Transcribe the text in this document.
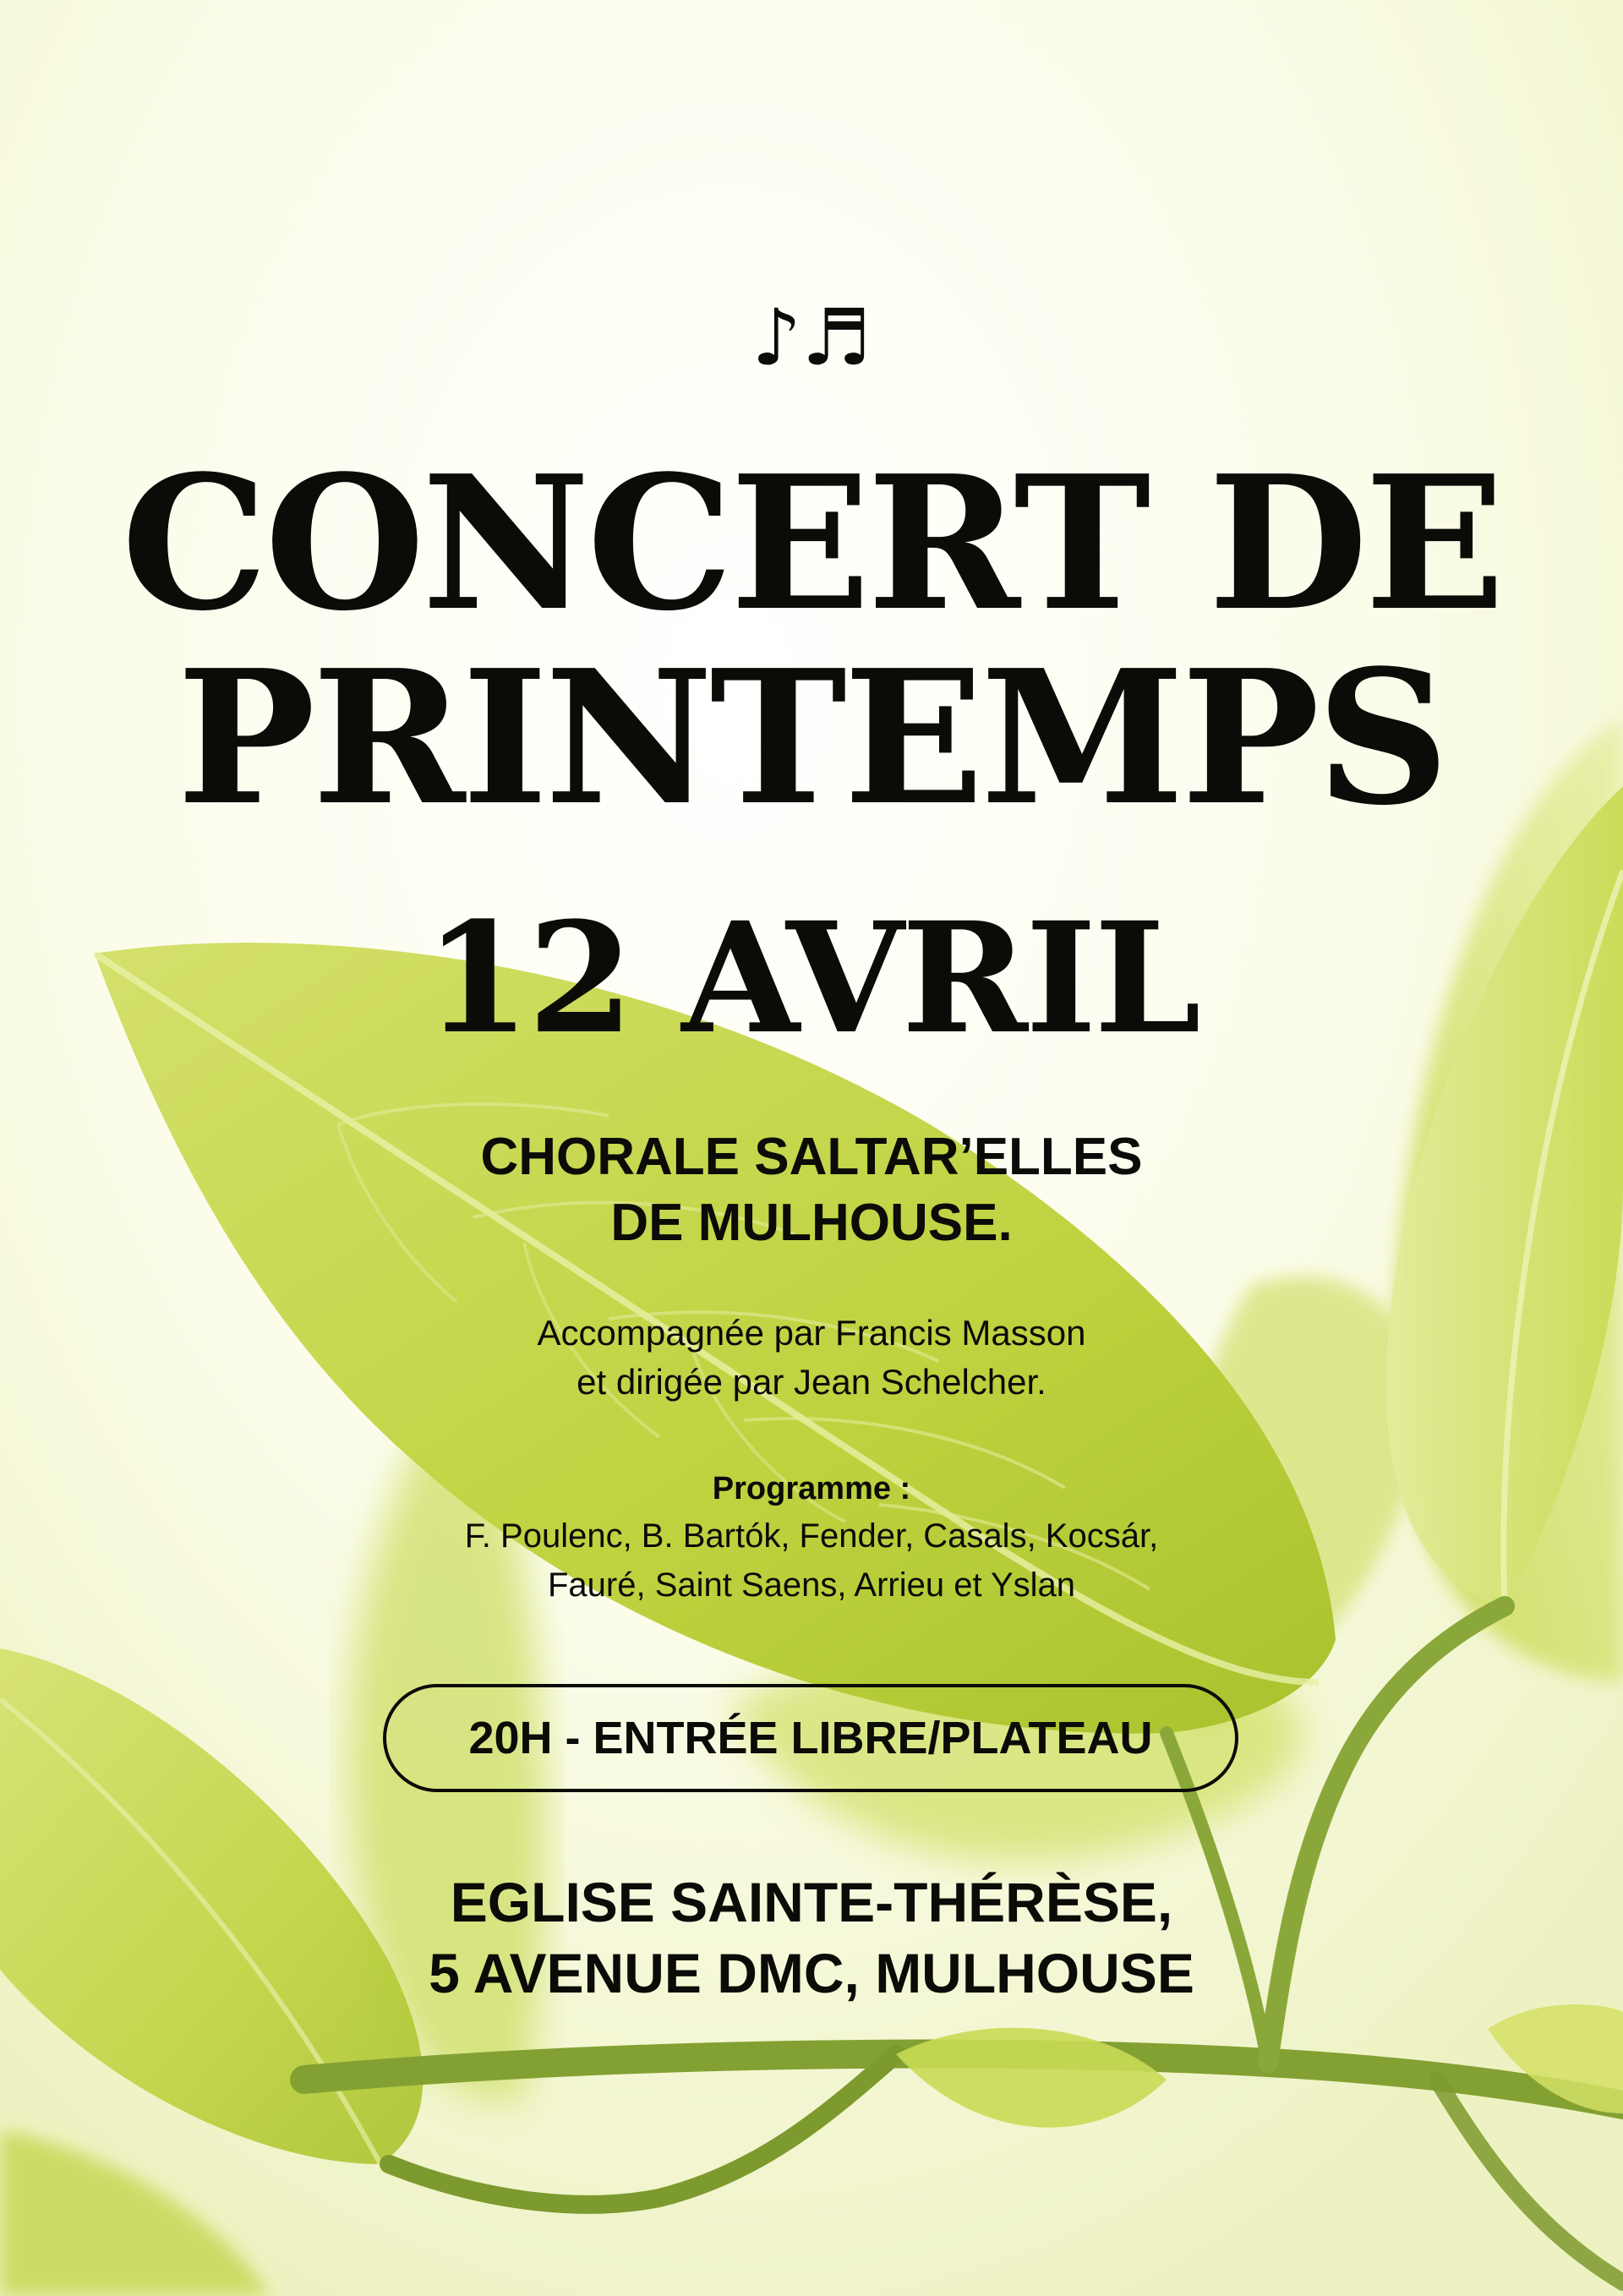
♪♬
CONCERT DE
PRINTEMPS
12 AVRIL
CHORALE SALTAR’ELLES
DE MULHOUSE.
Accompagnée par Francis Masson
et dirigée par Jean Schelcher.
Programme :
F. Poulenc, B. Bartók, Fender, Casals, Kocsár,
Fauré, Saint Saens, Arrieu et Yslan
20H - ENTRÉE LIBRE/PLATEAU
EGLISE SAINTE-THÉRÈSE,
5 AVENUE DMC, MULHOUSE
